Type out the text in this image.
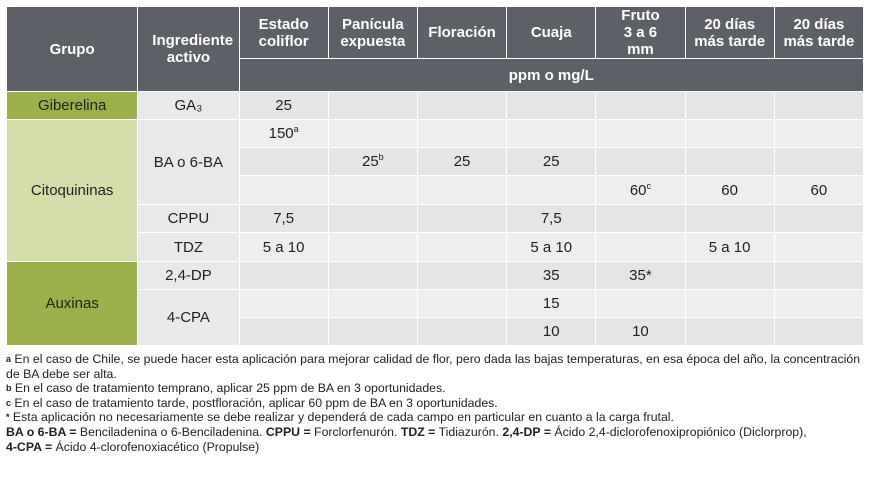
Grupo	Ingrediente activo	Estado coliflor	Panícula expuesta	Floración	Cuaja	Fruto 3 a 6 mm	20 días más tarde	20 días más tarde
		ppm o mg/L						
Giberelina	GA₃	25						
Citoquininas	BA o 6-BA	150$^a$						
			25$^b$	25	25			
						60$^c$	60	60
	CPPU	7,5			7,5			
	TDZ	5 a 10			5 a 10		5 a 10	
Auxinas	2,4-DP				35	35*		
	4-CPA				15			
					10	10		

$^a$ En el caso de Chile, se puede hacer esta aplicación para mejorar calidad de flor, pero dada las bajas temperaturas, en esa época del año, la concentración de BA debe ser alta.

$^b$ En el caso de tratamiento temprano, aplicar 25 ppm de BA en 3 oportunidades.

$^c$ En el caso de tratamiento tarde, postfloración, aplicar 60 ppm de BA en 3 oportunidades.

* Esta aplicación no necesariamente se debe realizar y dependerá de cada campo en particular en cuanto a la carga frutal.

BA o 6-BA = Benciladenina o 6-Benciladenina. CPPU = Forclorfenurón. TDZ = Tidiazurón. 2,4-DP = Ácido 2,4-diclorofenoxipropiónico (Diclorprop),
4-CPA = Ácido 4-clorofenoxiacético (Propulse)
